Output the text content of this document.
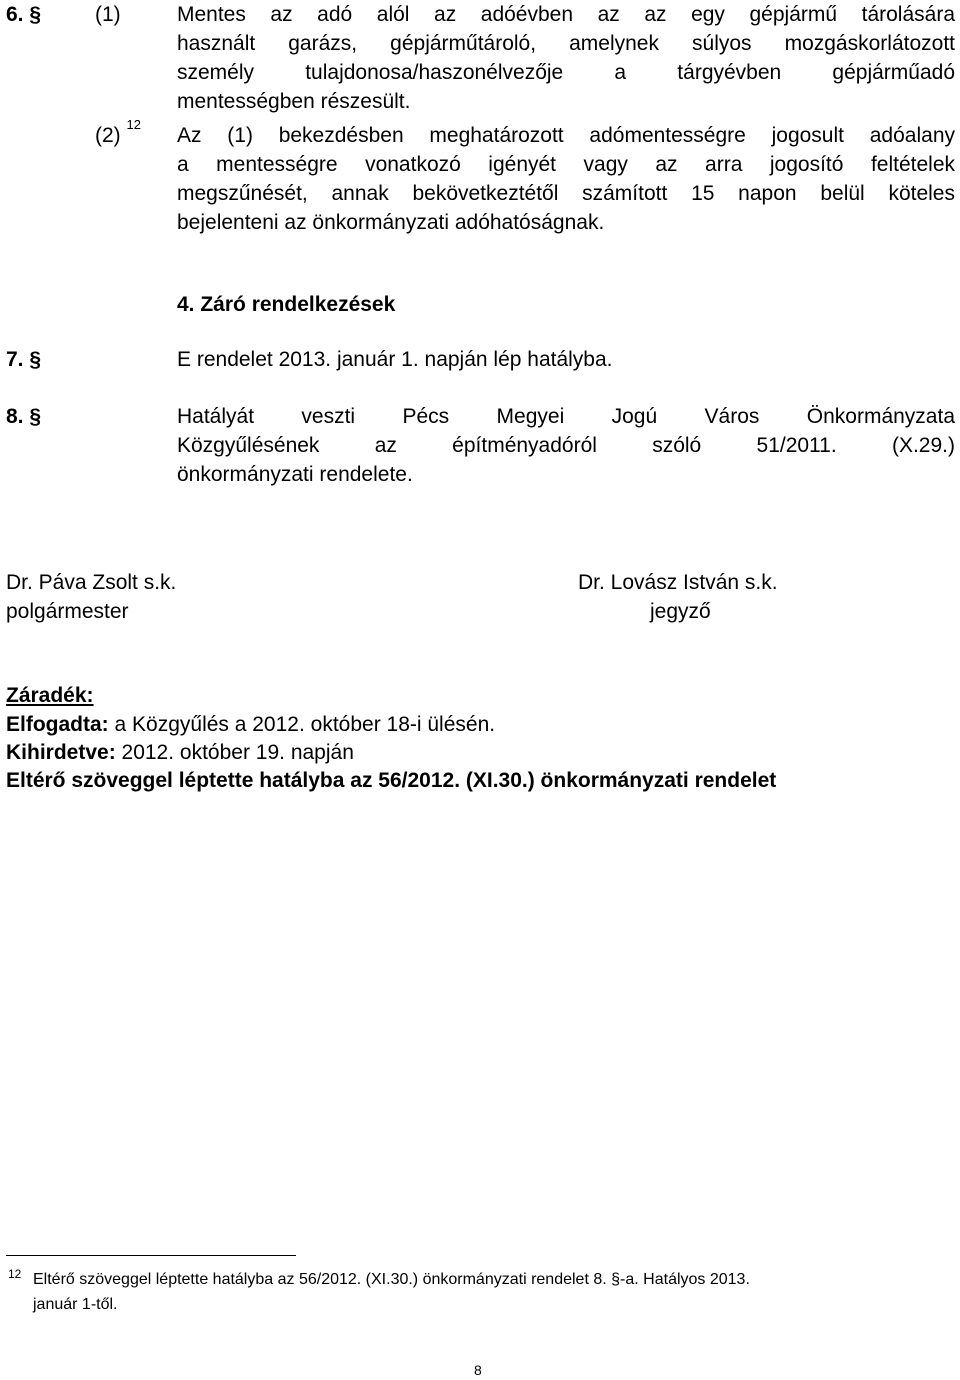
6. §	(1)	Mentes az adó alól az adóévben az az egy gépjármű tárolására
használt garázs, gépjárműtároló, amelynek súlyos mozgáskorlátozott
személy tulajdonosa/haszonélvezője a tárgyévben gépjárműadó
mentességben részesült.
(2) $^{12}$ Az (1) bekezdésben meghatározott adómentességre jogosult adóalany
a mentességre vonatkozó igényét vagy az arra jogosító feltételek
megszűnését, annak bekövetkeztétől számított 15 napon belül köteles
bejelenteni az önkormányzati adóhatóságnak.
4. Záró rendelkezések
7. §	E rendelet 2013. január 1. napján lép hatályba.
8. §	Hatályát veszti Pécs Megyei Jogú Város Önkormányzata
Közgyűlésének az építményadóról szóló 51/2011. (X.29.)
önkormányzati rendelete.
Dr. Páva Zsolt s.k.
polgármester
Dr. Lovász István s.k.
jegyző
Záradék:
Elfogadta: a Közgyűlés a 2012. október 18-i ülésén.
Kihirdetve: 2012. október 19. napján
Eltérő szöveggel léptette hatályba az 56/2012. (XI.30.) önkormányzati rendelet
12 Eltérő szöveggel léptette hatályba az 56/2012. (XI.30.) önkormányzati rendelet 8. §-a. Hatályos 2013.
január 1-től.
8
